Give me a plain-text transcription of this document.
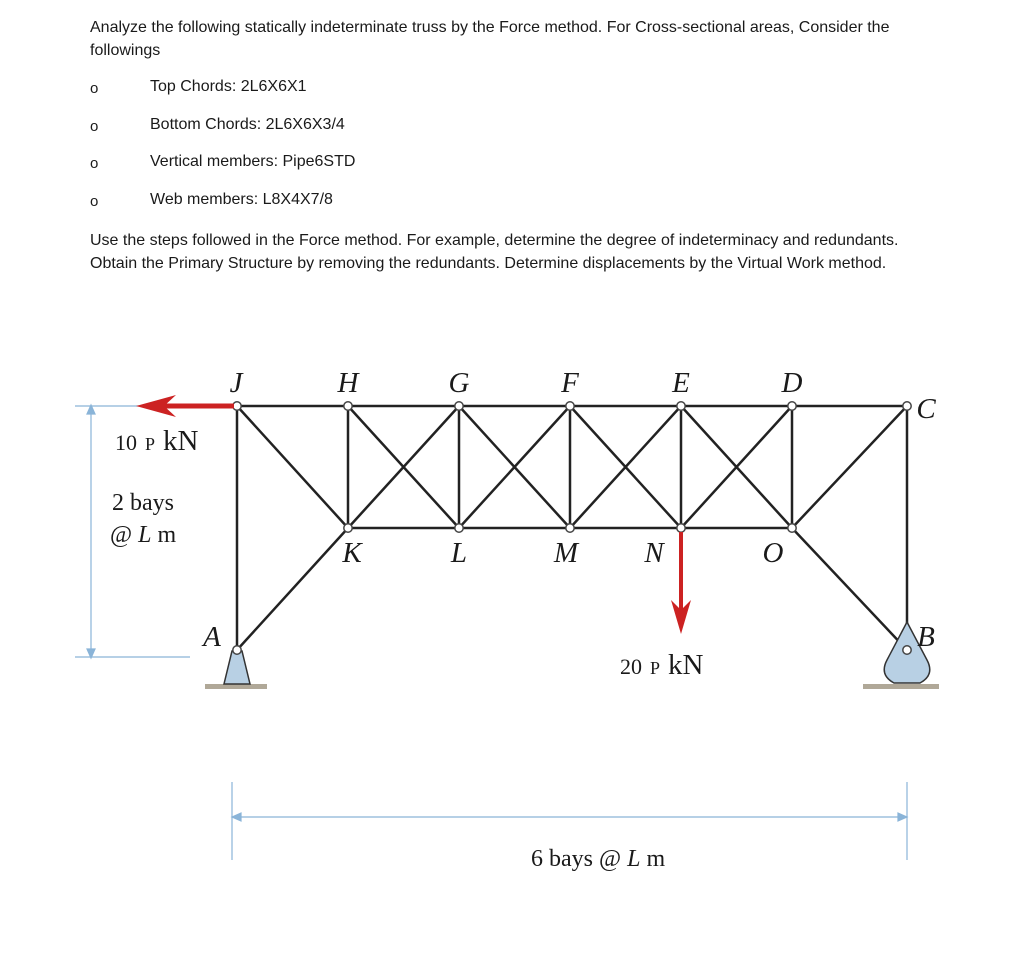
Analyze the following statically indeterminate truss by the Force method. For Cross-sectional areas, Consider the followings
o	Top Chords: 2L6X6X1
o	Bottom Chords: 2L6X6X3/4
o	Vertical members: Pipe6STD
o	Web members: L8X4X7/8
Use the steps followed in the Force method. For example, determine the degree of indeterminacy and redundants. Obtain the Primary Structure by removing the redundants. Determine displacements by the Virtual Work method.
J	H	G	F	E	D
C
K	L	M N	O
A	B
10 P kN
20 P kN
2 bays
@ L m
6 bays @ L m
